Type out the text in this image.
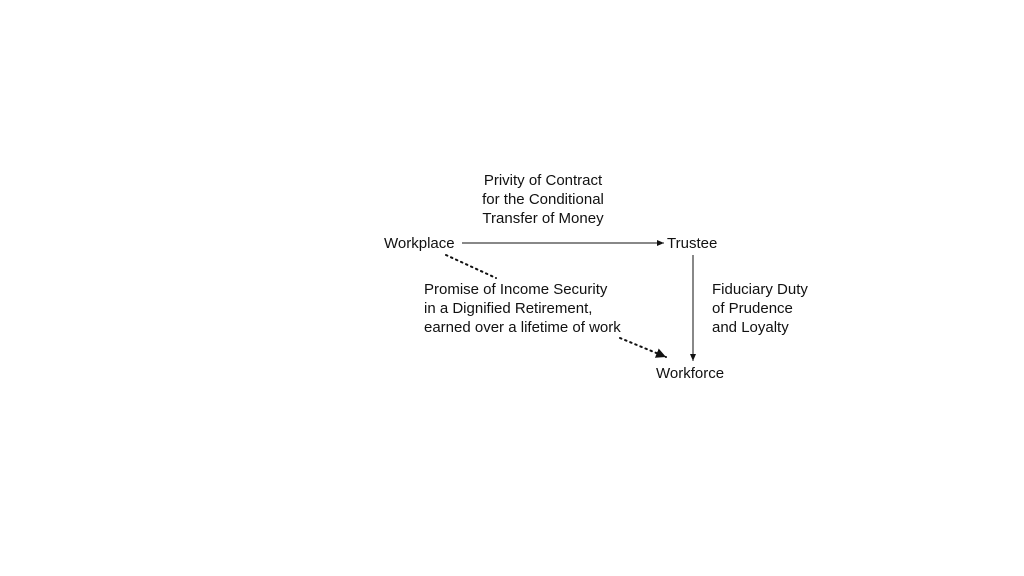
Workplace	Trustee
Workforce
Privity of Contract
for the Conditional
Transfer of Money
Promise of Income Security
in a Dignified Retirement,
earned over a lifetime of work
Fiduciary Duty
of Prudence
and Loyalty
